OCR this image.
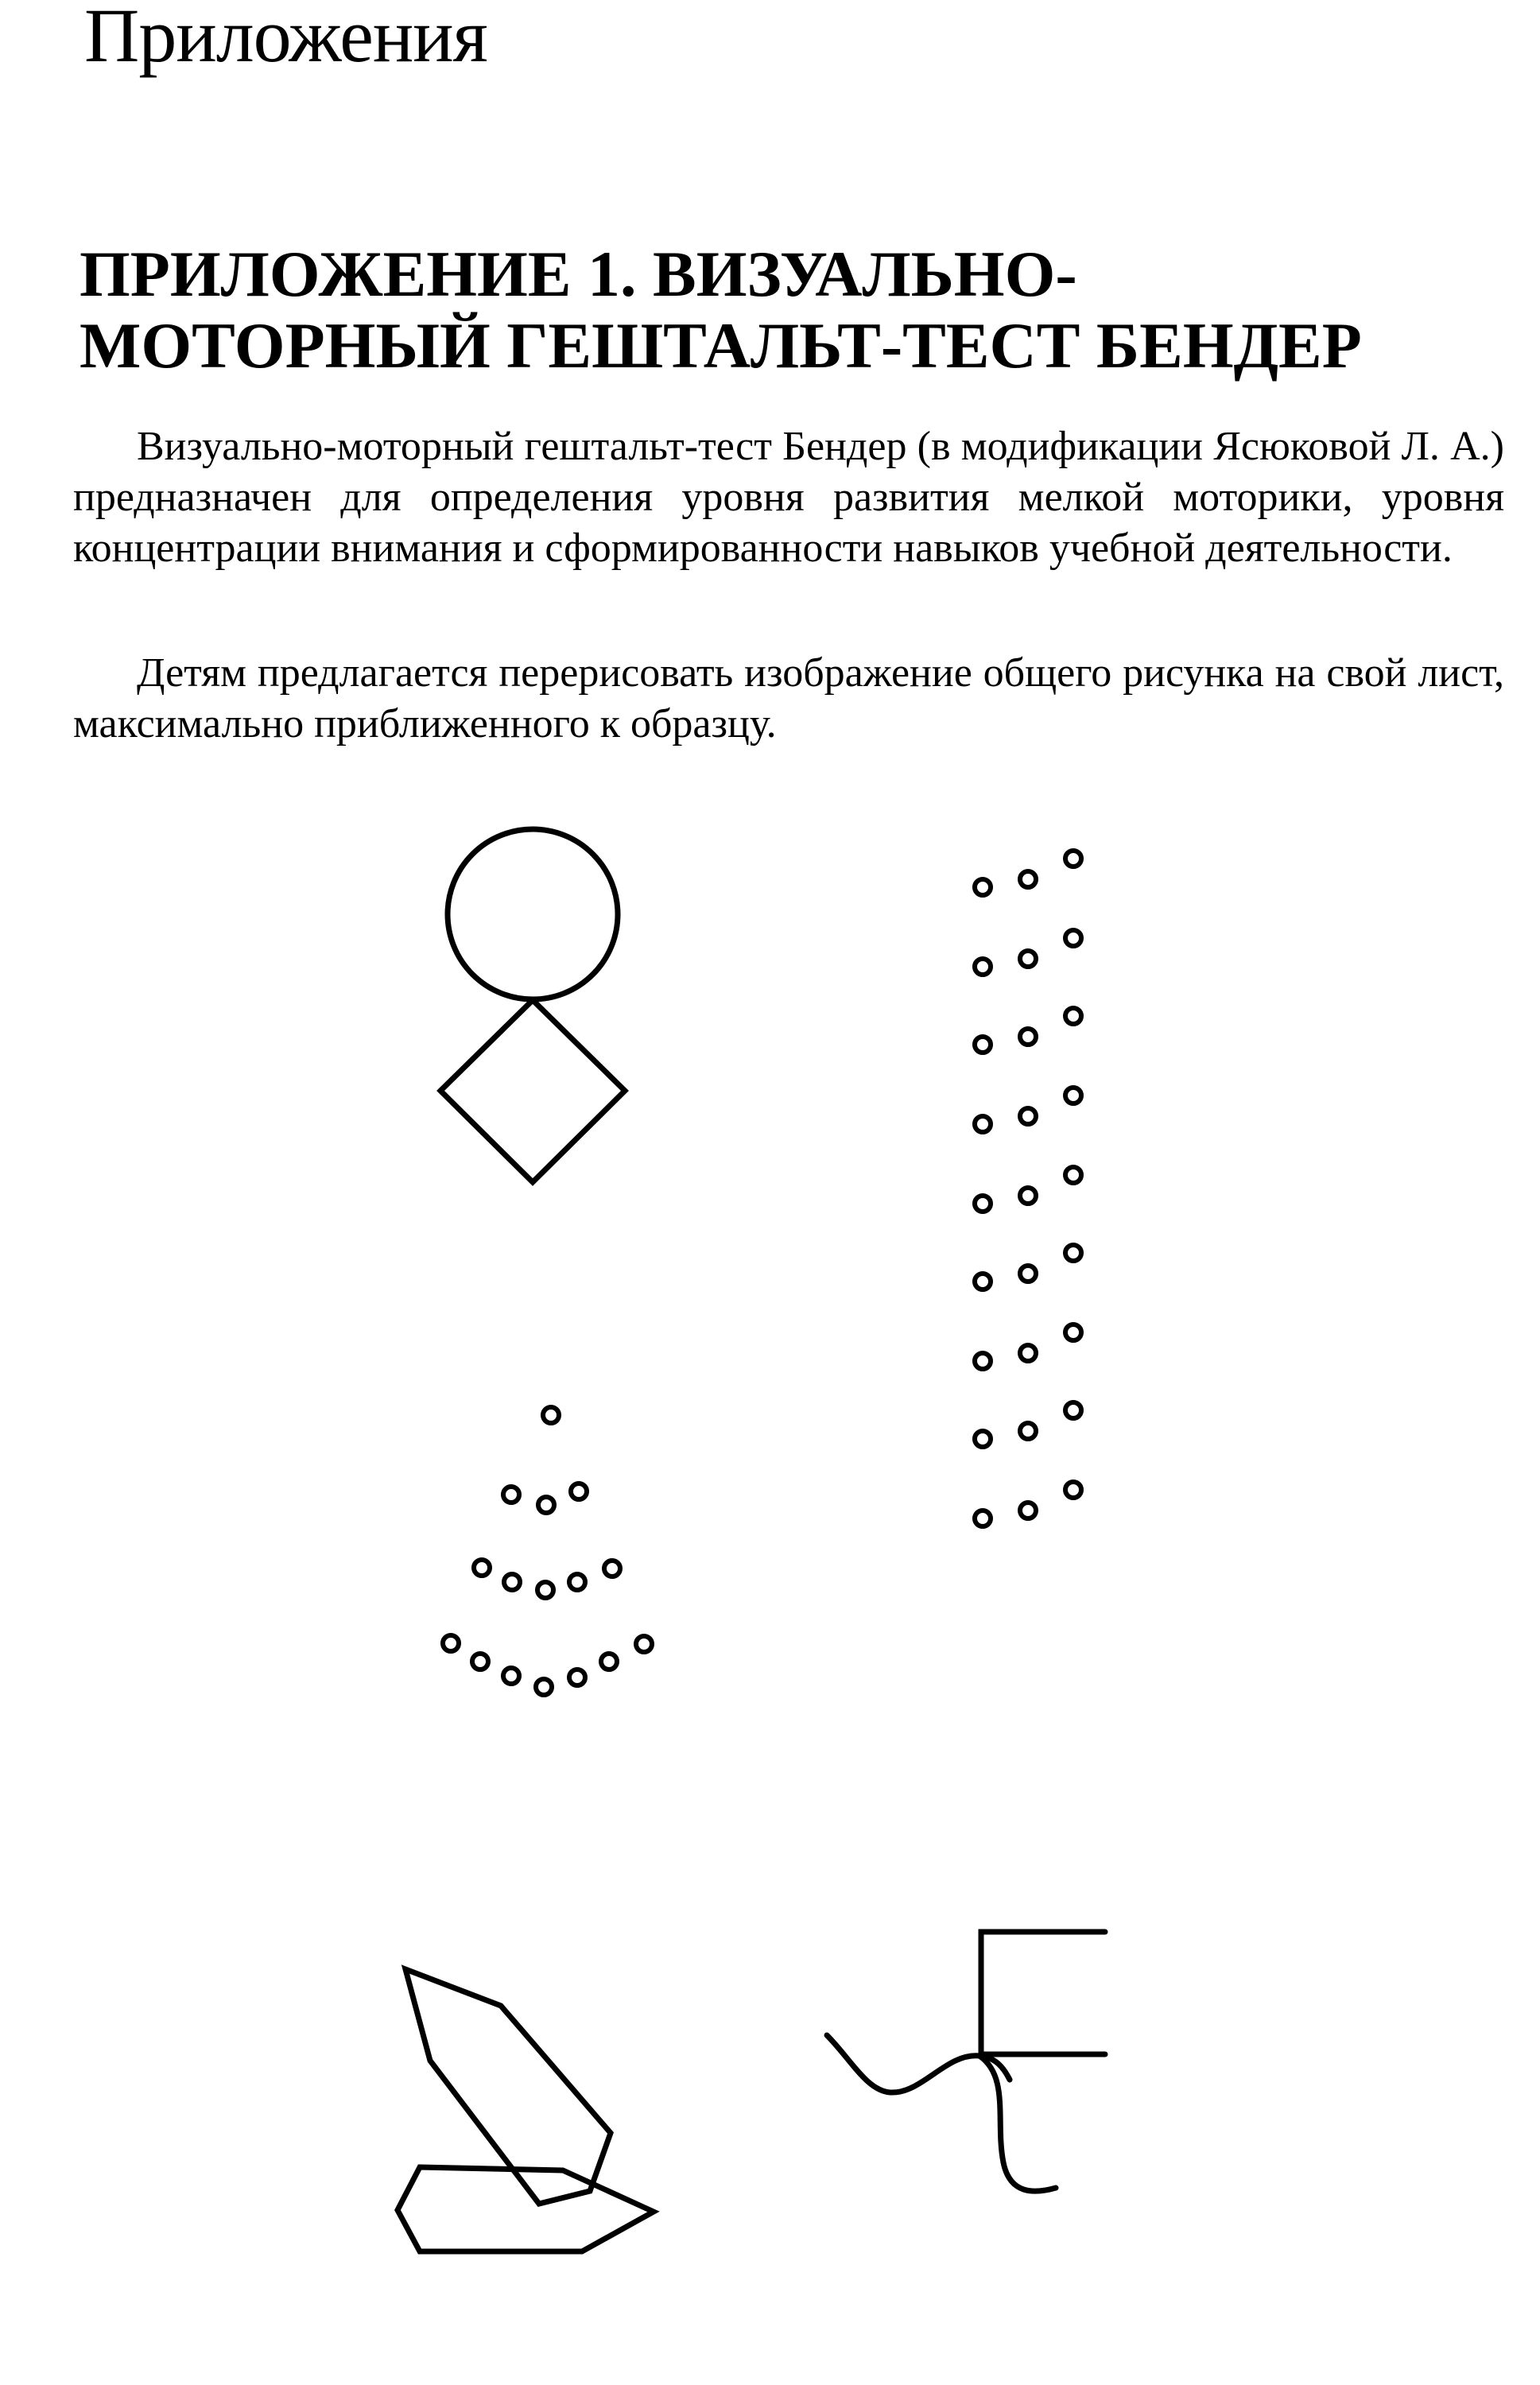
Приложения
ПРИЛОЖЕНИЕ 1. ВИЗУАЛЬНО-МОТОРНЫЙ ГЕШТАЛЬТ-ТЕСТ БЕНДЕР

Визуально-моторный гештальт-тест Бендер (в модификации Ясюковой Л. А.) предназначен для определения уровня развития мелкой моторики, уровня концентрации внимания и сформированности навыков учебной деятельности.

Детям предлагается перерисовать изображение общего рисунка на свой лист, максимально приближенного к образцу.
